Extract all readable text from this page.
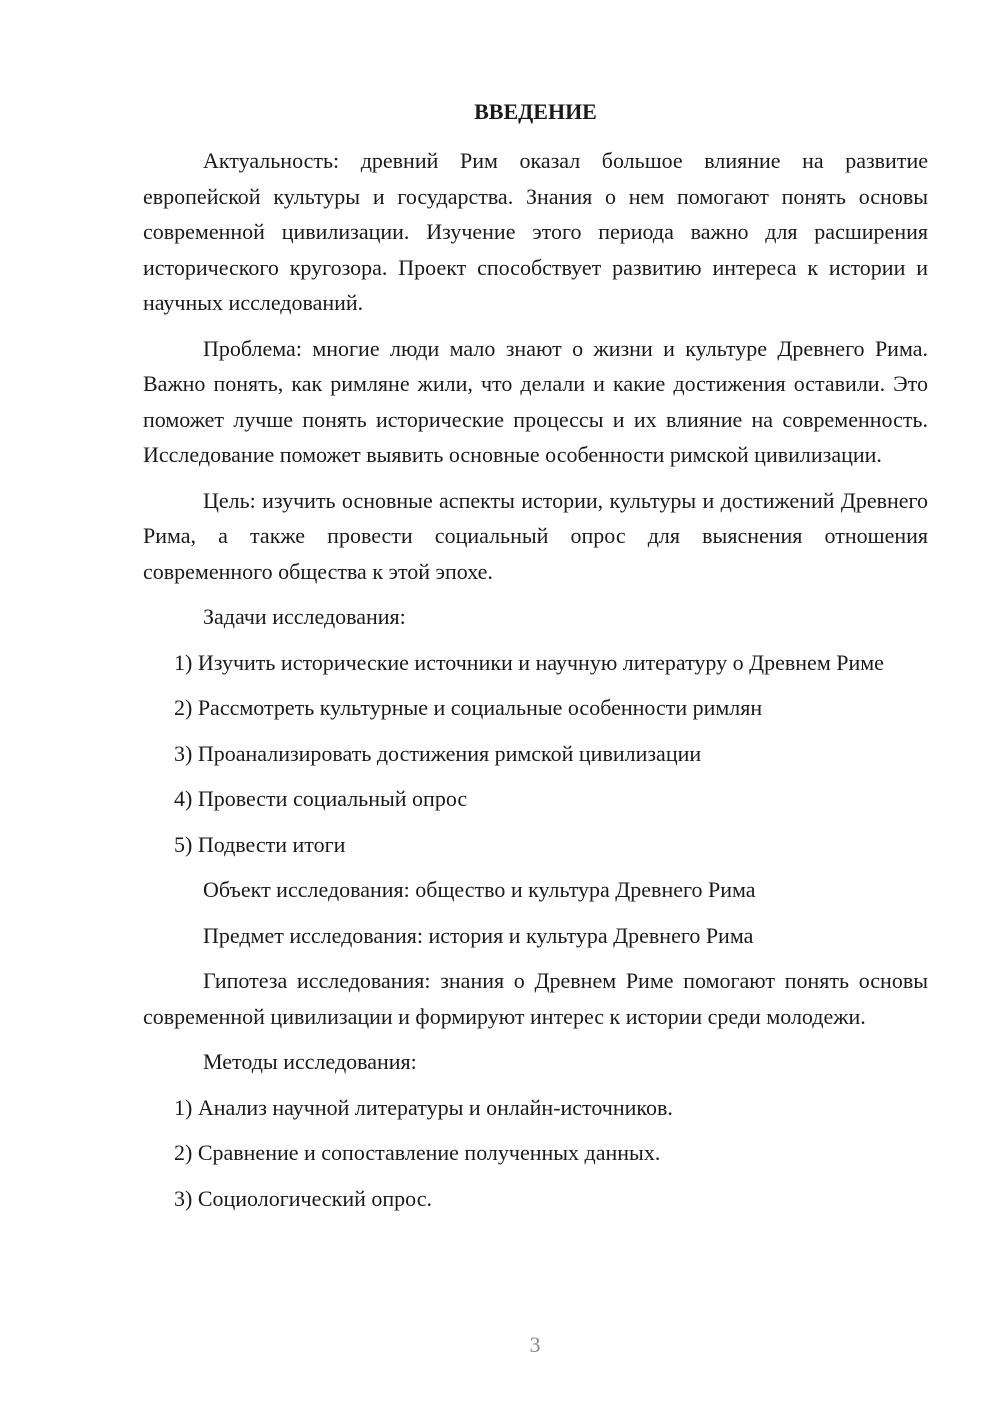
ВВЕДЕНИЕ
Актуальность: древний Рим оказал большое влияние на развитие европейской культуры и государства. Знания о нем помогают понять основы современной цивилизации. Изучение этого периода важно для расширения исторического кругозора. Проект способствует развитию интереса к истории и научных исследований.
Проблема: многие люди мало знают о жизни и культуре Древнего Рима. Важно понять, как римляне жили, что делали и какие достижения оставили. Это поможет лучше понять исторические процессы и их влияние на современность. Исследование поможет выявить основные особенности римской цивилизации.
Цель: изучить основные аспекты истории, культуры и достижений Древнего Рима, а также провести социальный опрос для выяснения отношения современного общества к этой эпохе.
Задачи исследования:
1) Изучить исторические источники и научную литературу о Древнем Риме
2) Рассмотреть культурные и социальные особенности римлян
3) Проанализировать достижения римской цивилизации
4) Провести социальный опрос
5) Подвести итоги
Объект исследования: общество и культура Древнего Рима
Предмет исследования: история и культура Древнего Рима
Гипотеза исследования: знания о Древнем Риме помогают понять основы современной цивилизации и формируют интерес к истории среди молодежи.
Методы исследования:
1) Анализ научной литературы и онлайн-источников.
2) Сравнение и сопоставление полученных данных.
3) Социологический опрос.
3
